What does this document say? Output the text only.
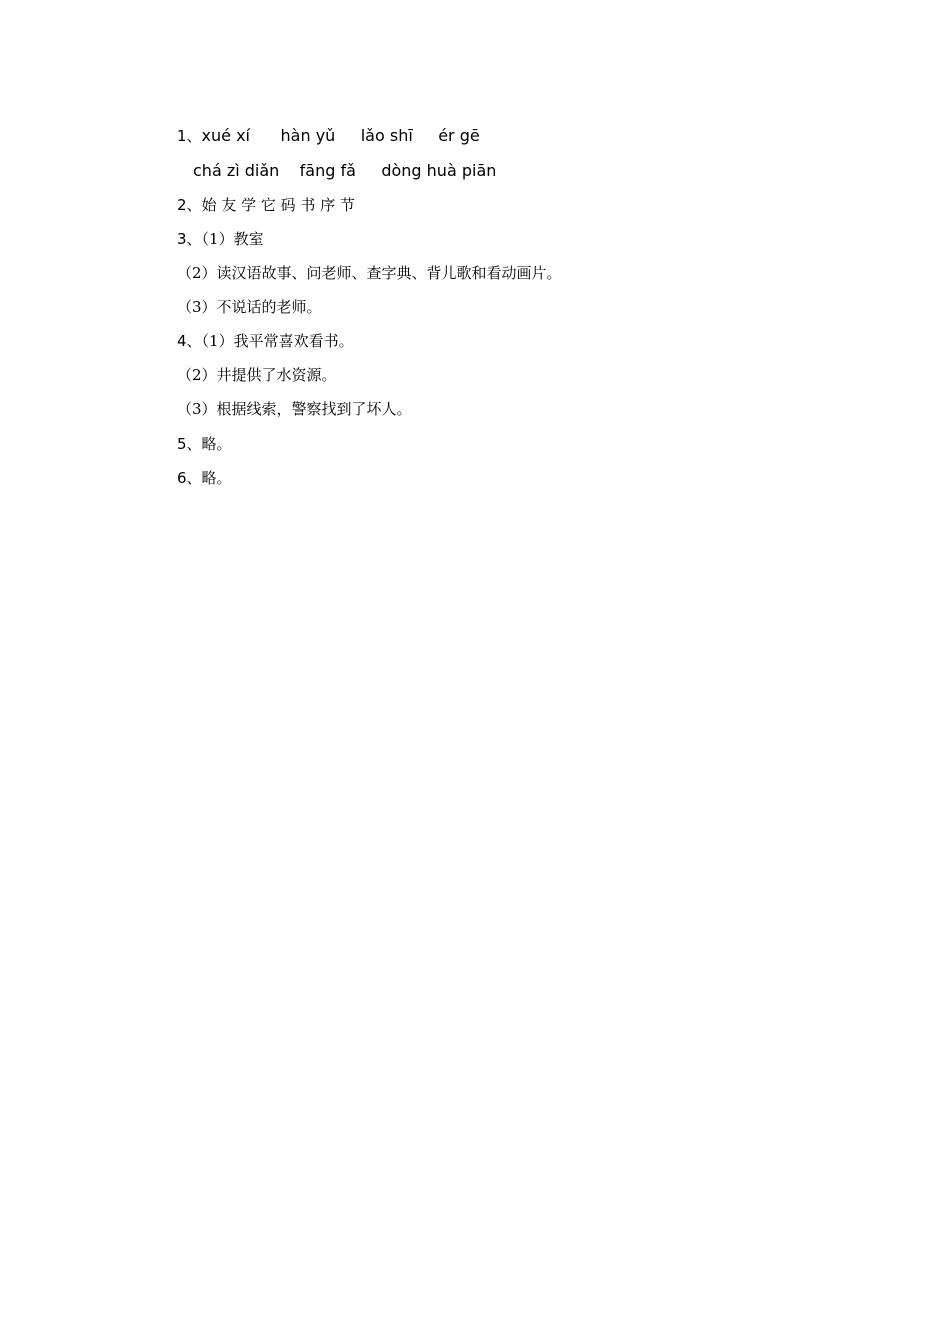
1、xué xí      hàn yǔ     lǎo shī     ér gē
chá zì diǎn    fāng fǎ     dòng huà piān
2、始 友 学 它 码 书 序 节
3、（1）教室
（2）读汉语故事、问老师、查字典、背儿歌和看动画片。
（3）不说话的老师。
4、（1）我平常喜欢看书。
（2）井提供了水资源。
（3）根据线索，警察找到了坏人。
5、略。
6、略。
